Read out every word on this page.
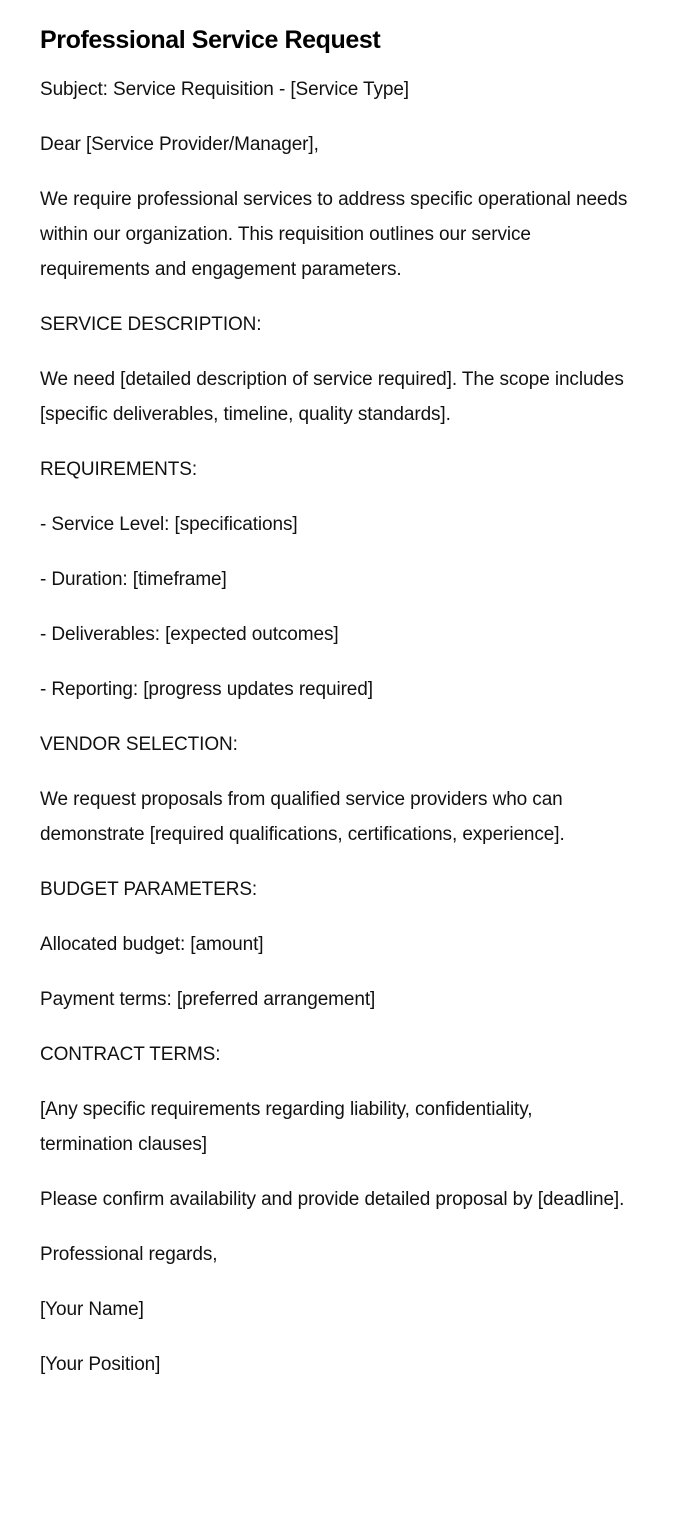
Professional Service Request

Subject: Service Requisition - [Service Type]

Dear [Service Provider/Manager],

We require professional services to address specific operational needs within our organization. This requisition outlines our service requirements and engagement parameters.

SERVICE DESCRIPTION:

We need [detailed description of service required]. The scope includes [specific deliverables, timeline, quality standards].

REQUIREMENTS:

- Service Level: [specifications]

- Duration: [timeframe]

- Deliverables: [expected outcomes]

- Reporting: [progress updates required]

VENDOR SELECTION:

We request proposals from qualified service providers who can demonstrate [required qualifications, certifications, experience].

BUDGET PARAMETERS:

Allocated budget: [amount]

Payment terms: [preferred arrangement]

CONTRACT TERMS:

[Any specific requirements regarding liability, confidentiality, termination clauses]

Please confirm availability and provide detailed proposal by [deadline].

Professional regards,

[Your Name]

[Your Position]
